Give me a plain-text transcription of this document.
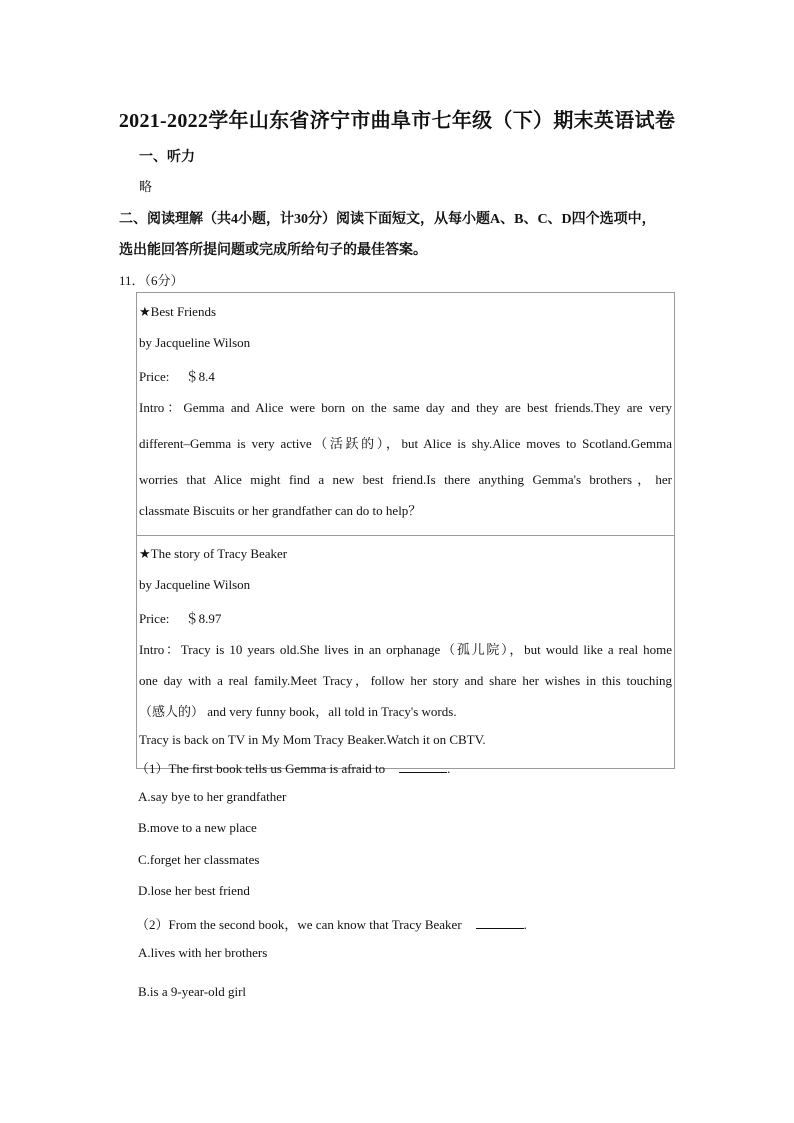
2021-2022学年山东省济宁市曲阜市七年级（下）期末英语试卷
一、听力
略
二、阅读理解（共4小题，计30分）阅读下面短文，从每小题A、B、C、D四个选项中，
选出能回答所提问题或完成所给句子的最佳答案。
11．（6分）
★Best Friends
by Jacqueline Wilson
Price:　 ＄8.4
Intro：Gemma and Alice were born on the same day and they are best friends.They are very
different–Gemma is very active（活跃的），but Alice is shy.Alice moves to Scotland.Gemma
worries that Alice might find a new best friend.Is there anything Gemma's brothers，her
classmate Biscuits or her grandfather can do to help？

★The story of Tracy Beaker
by Jacqueline Wilson
Price:　 ＄8.97
Intro：Tracy is 10 years old.She lives in an orphanage（孤儿院），but would like a real home
one day with a real family.Meet Tracy，follow her story and share her wishes in this touching
（感人的） and very funny book，all told in Tracy's words.
Tracy is back on TV in My Mom Tracy Beaker.Watch it on CBTV.
（1）The first book tells us Gemma is afraid to	.
A.say bye to her grandfather
B.move to a new place
C.forget her classmates
D.lose her best friend
（2）From the second book，we can know that Tracy Beaker	.
A.lives with her brothers
B.is a 9-year-old girl
